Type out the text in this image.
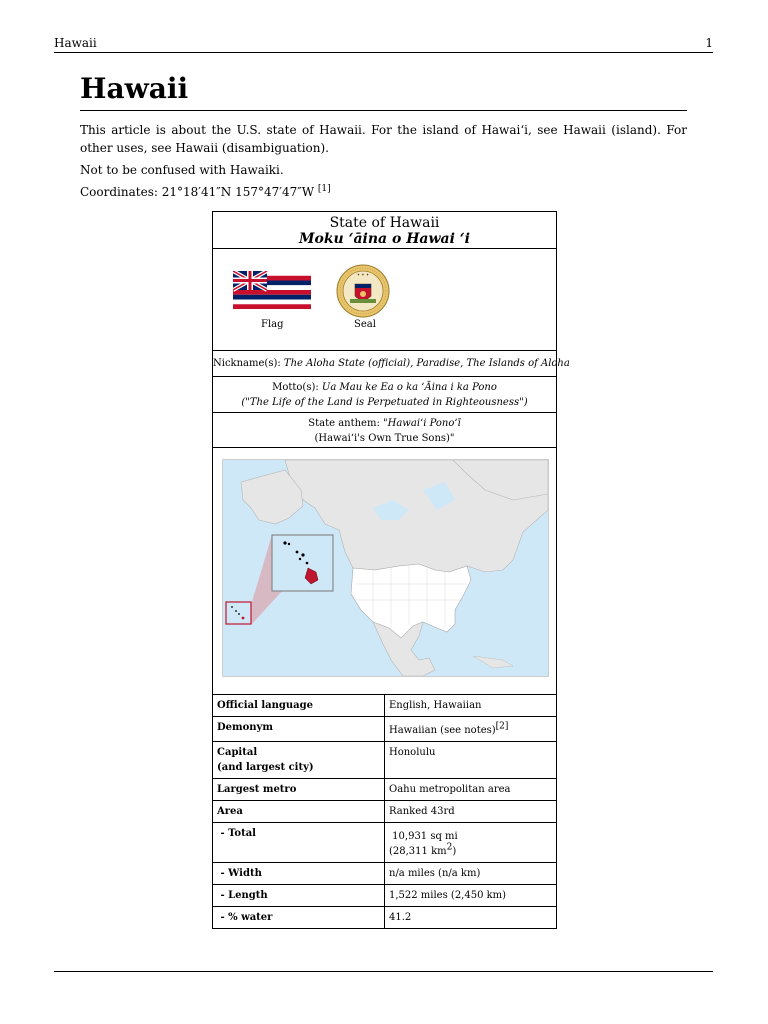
Hawaii	1
Hawaii

This article is about the U.S. state of Hawaii. For the island of Hawai‘i, see Hawaii (island). For other uses, see Hawaii (disambiguation).

Not to be confused with Hawaiki.

Coordinates: 21°18′41″N 157°47′47″W [1]

State of Hawaii
Moku ʻāina o Hawai ʻi
Flag
✦ ✦ ✦
Seal
Nickname(s): The Aloha State (official), Paradise, The Islands of Aloha
Motto(s): Ua Mau ke Ea o ka ʻĀina i ka Pono
("The Life of the Land is Perpetuated in Righteousness")
State anthem: "Hawaiʻi Ponoʻī
(Hawaiʻi's Own True Sons)"
Official language	English, Hawaiian
Demonym	Hawaiian (see notes)[2]

Capital
(and largest city)	Honolulu
Largest metro	Oahu metropolitan area
Area	Ranked 43rd
- Total	10,931 sq mi
(28,311 $km^2$)

- Width	n/a miles (n/a km)
- Length	1,522 miles (2,450 km)
- % water	41.2
